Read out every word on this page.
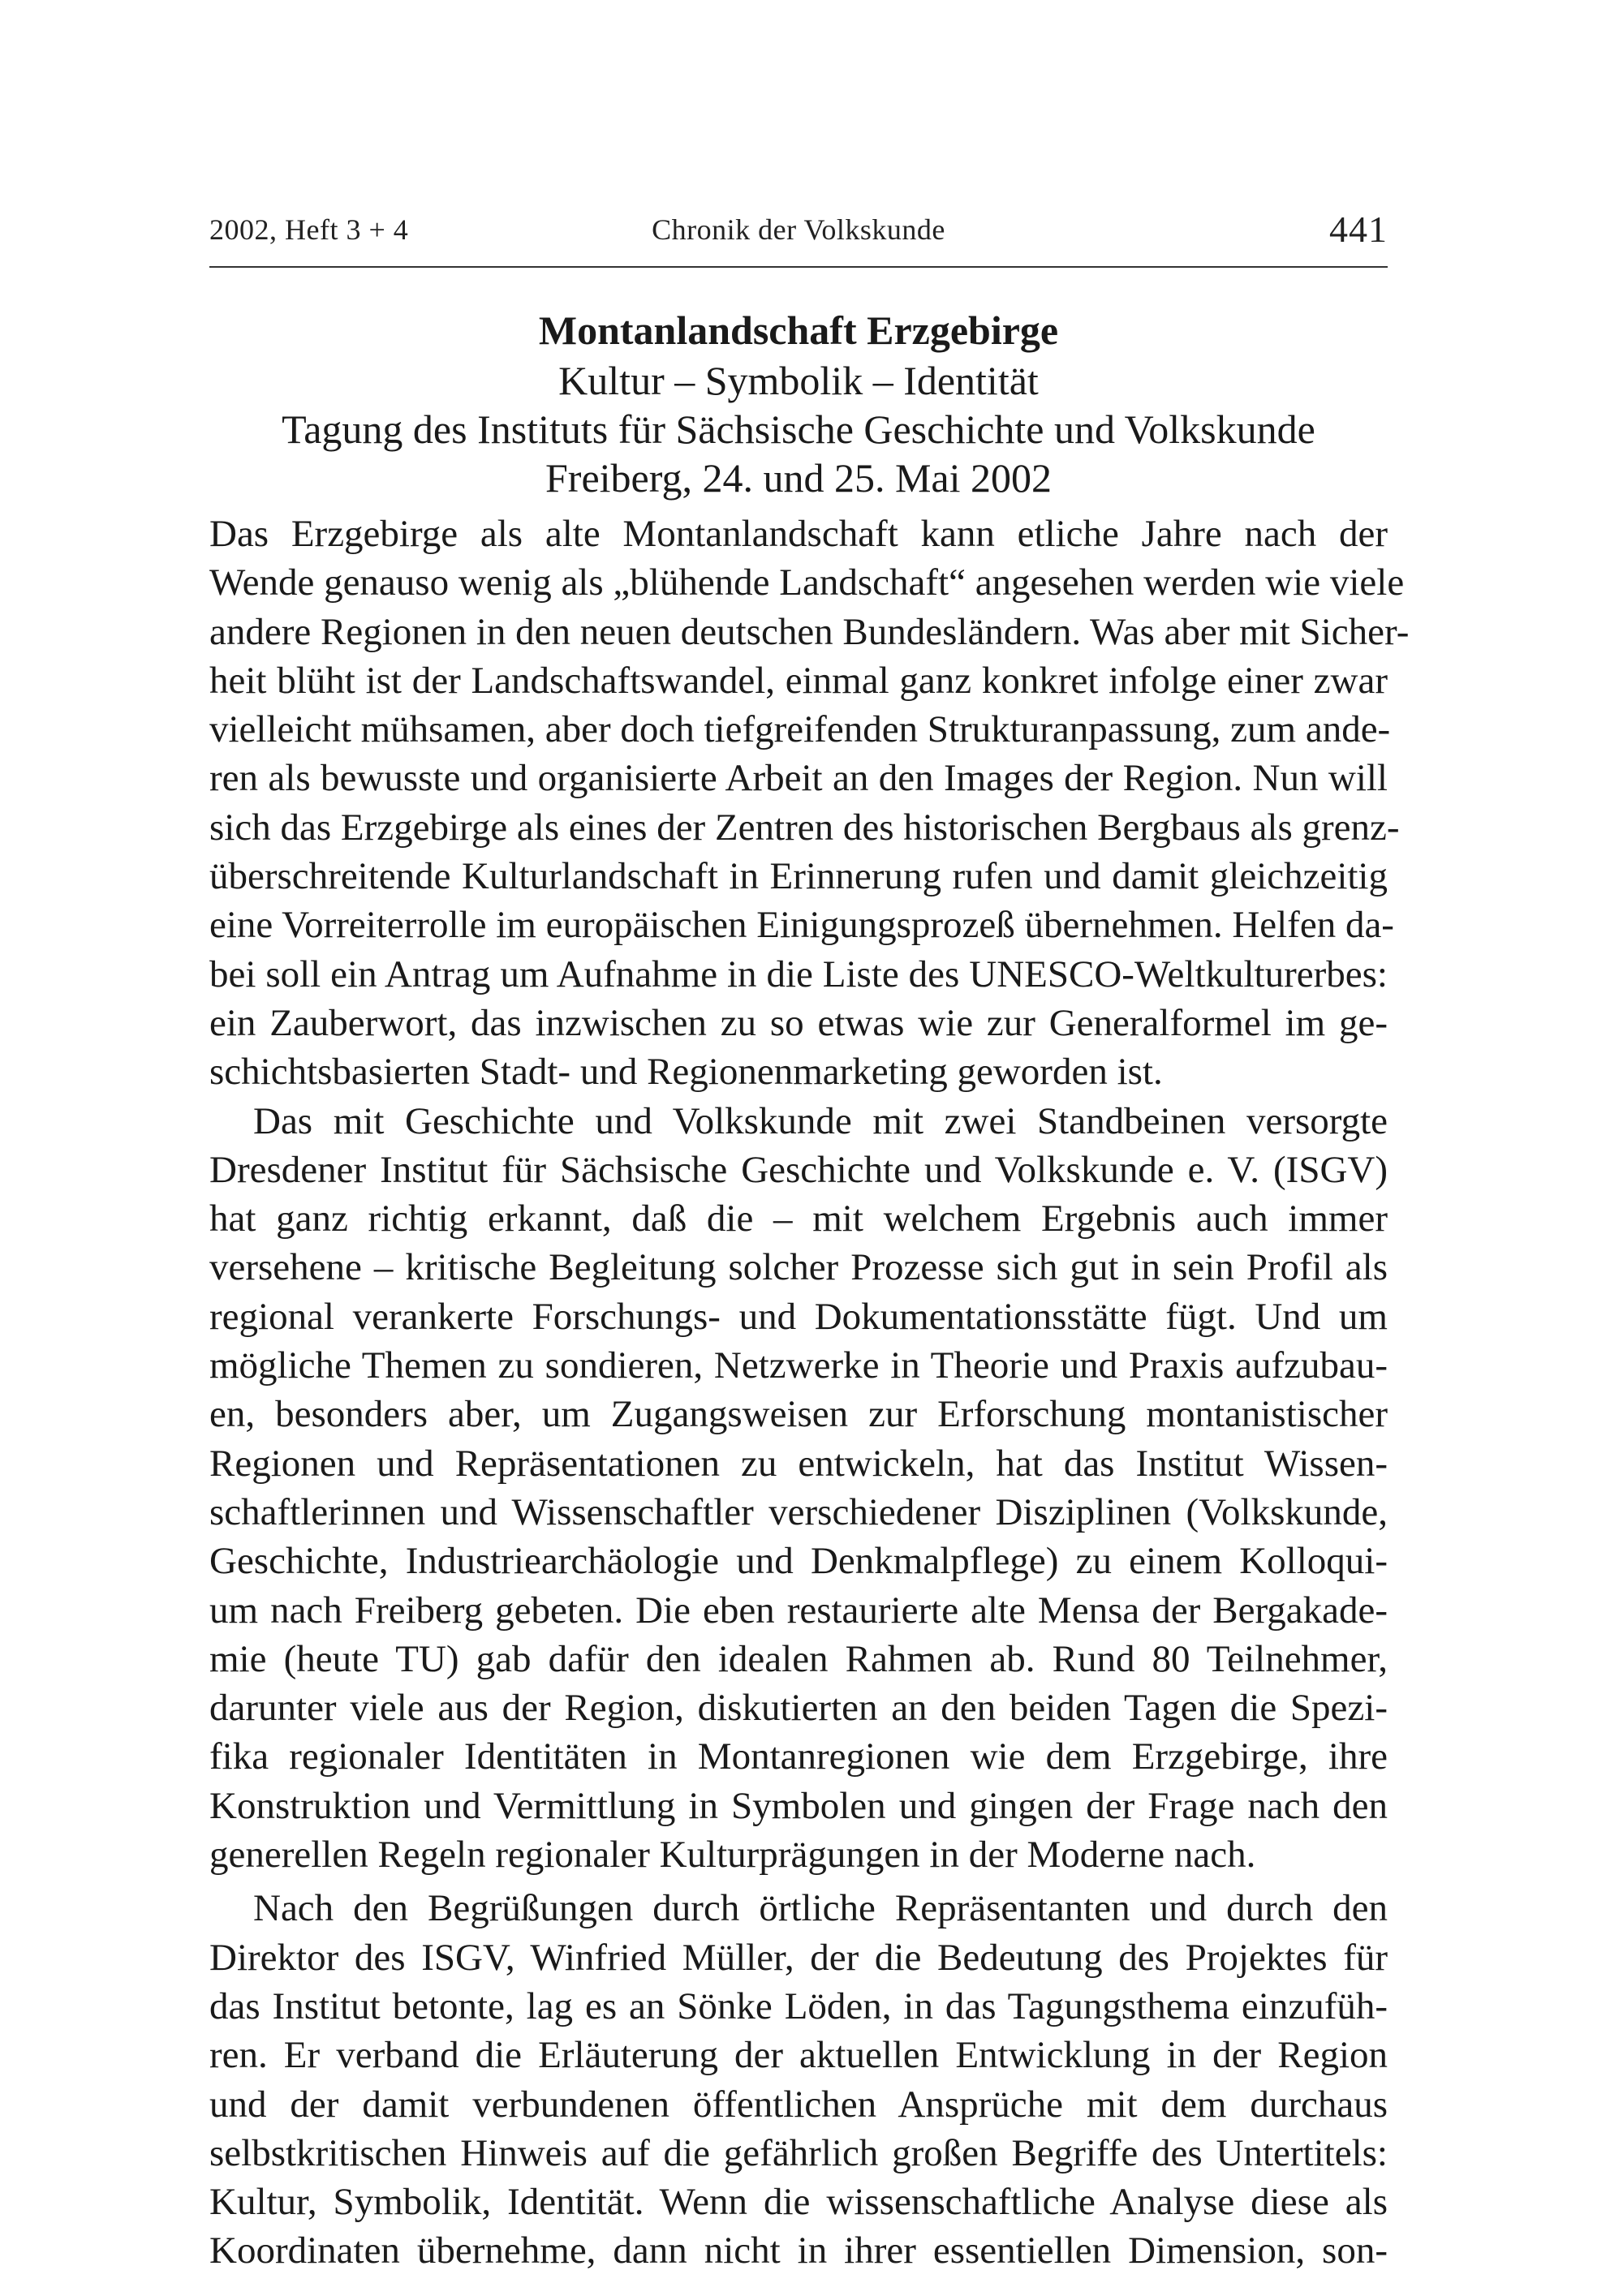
2002, Heft 3 + 4	Chronik der Volkskunde	441
Montanlandschaft Erzgebirge
Kultur – Symbolik – Identität
Tagung des Instituts für Sächsische Geschichte und Volkskunde
Freiberg, 24. und 25. Mai 2002
Das Erzgebirge als alte Montanlandschaft kann etliche Jahre nach der
Wende genauso wenig als „blühende Landschaft“ angesehen werden wie viele
andere Regionen in den neuen deutschen Bundesländern. Was aber mit Sicher-
heit blüht ist der Landschaftswandel, einmal ganz konkret infolge einer zwar
vielleicht mühsamen, aber doch tiefgreifenden Strukturanpassung, zum ande-
ren als bewusste und organisierte Arbeit an den Images der Region. Nun will
sich das Erzgebirge als eines der Zentren des historischen Bergbaus als grenz-
überschreitende Kulturlandschaft in Erinnerung rufen und damit gleichzeitig
eine Vorreiterrolle im europäischen Einigungsprozeß übernehmen. Helfen da-
bei soll ein Antrag um Aufnahme in die Liste des UNESCO-Weltkulturerbes:
ein Zauberwort, das inzwischen zu so etwas wie zur Generalformel im ge-
schichtsbasierten Stadt- und Regionenmarketing geworden ist.
Das mit Geschichte und Volkskunde mit zwei Standbeinen versorgte
Dresdener Institut für Sächsische Geschichte und Volkskunde e. V. (ISGV)
hat ganz richtig erkannt, daß die – mit welchem Ergebnis auch immer
versehene – kritische Begleitung solcher Prozesse sich gut in sein Profil als
regional verankerte Forschungs- und Dokumentationsstätte fügt. Und um
mögliche Themen zu sondieren, Netzwerke in Theorie und Praxis aufzubau-
en, besonders aber, um Zugangsweisen zur Erforschung montanistischer
Regionen und Repräsentationen zu entwickeln, hat das Institut Wissen-
schaftlerinnen und Wissenschaftler verschiedener Disziplinen (Volkskunde,
Geschichte, Industriearchäologie und Denkmalpflege) zu einem Kolloqui-
um nach Freiberg gebeten. Die eben restaurierte alte Mensa der Bergakade-
mie (heute TU) gab dafür den idealen Rahmen ab. Rund 80 Teilnehmer,
darunter viele aus der Region, diskutierten an den beiden Tagen die Spezi-
fika regionaler Identitäten in Montanregionen wie dem Erzgebirge, ihre
Konstruktion und Vermittlung in Symbolen und gingen der Frage nach den
generellen Regeln regionaler Kulturprägungen in der Moderne nach.
Nach den Begrüßungen durch örtliche Repräsentanten und durch den
Direktor des ISGV, Winfried Müller, der die Bedeutung des Projektes für
das Institut betonte, lag es an Sönke Löden, in das Tagungsthema einzufüh-
ren. Er verband die Erläuterung der aktuellen Entwicklung in der Region
und der damit verbundenen öffentlichen Ansprüche mit dem durchaus
selbstkritischen Hinweis auf die gefährlich großen Begriffe des Untertitels:
Kultur, Symbolik, Identität. Wenn die wissenschaftliche Analyse diese als
Koordinaten übernehme, dann nicht in ihrer essentiellen Dimension, son-
